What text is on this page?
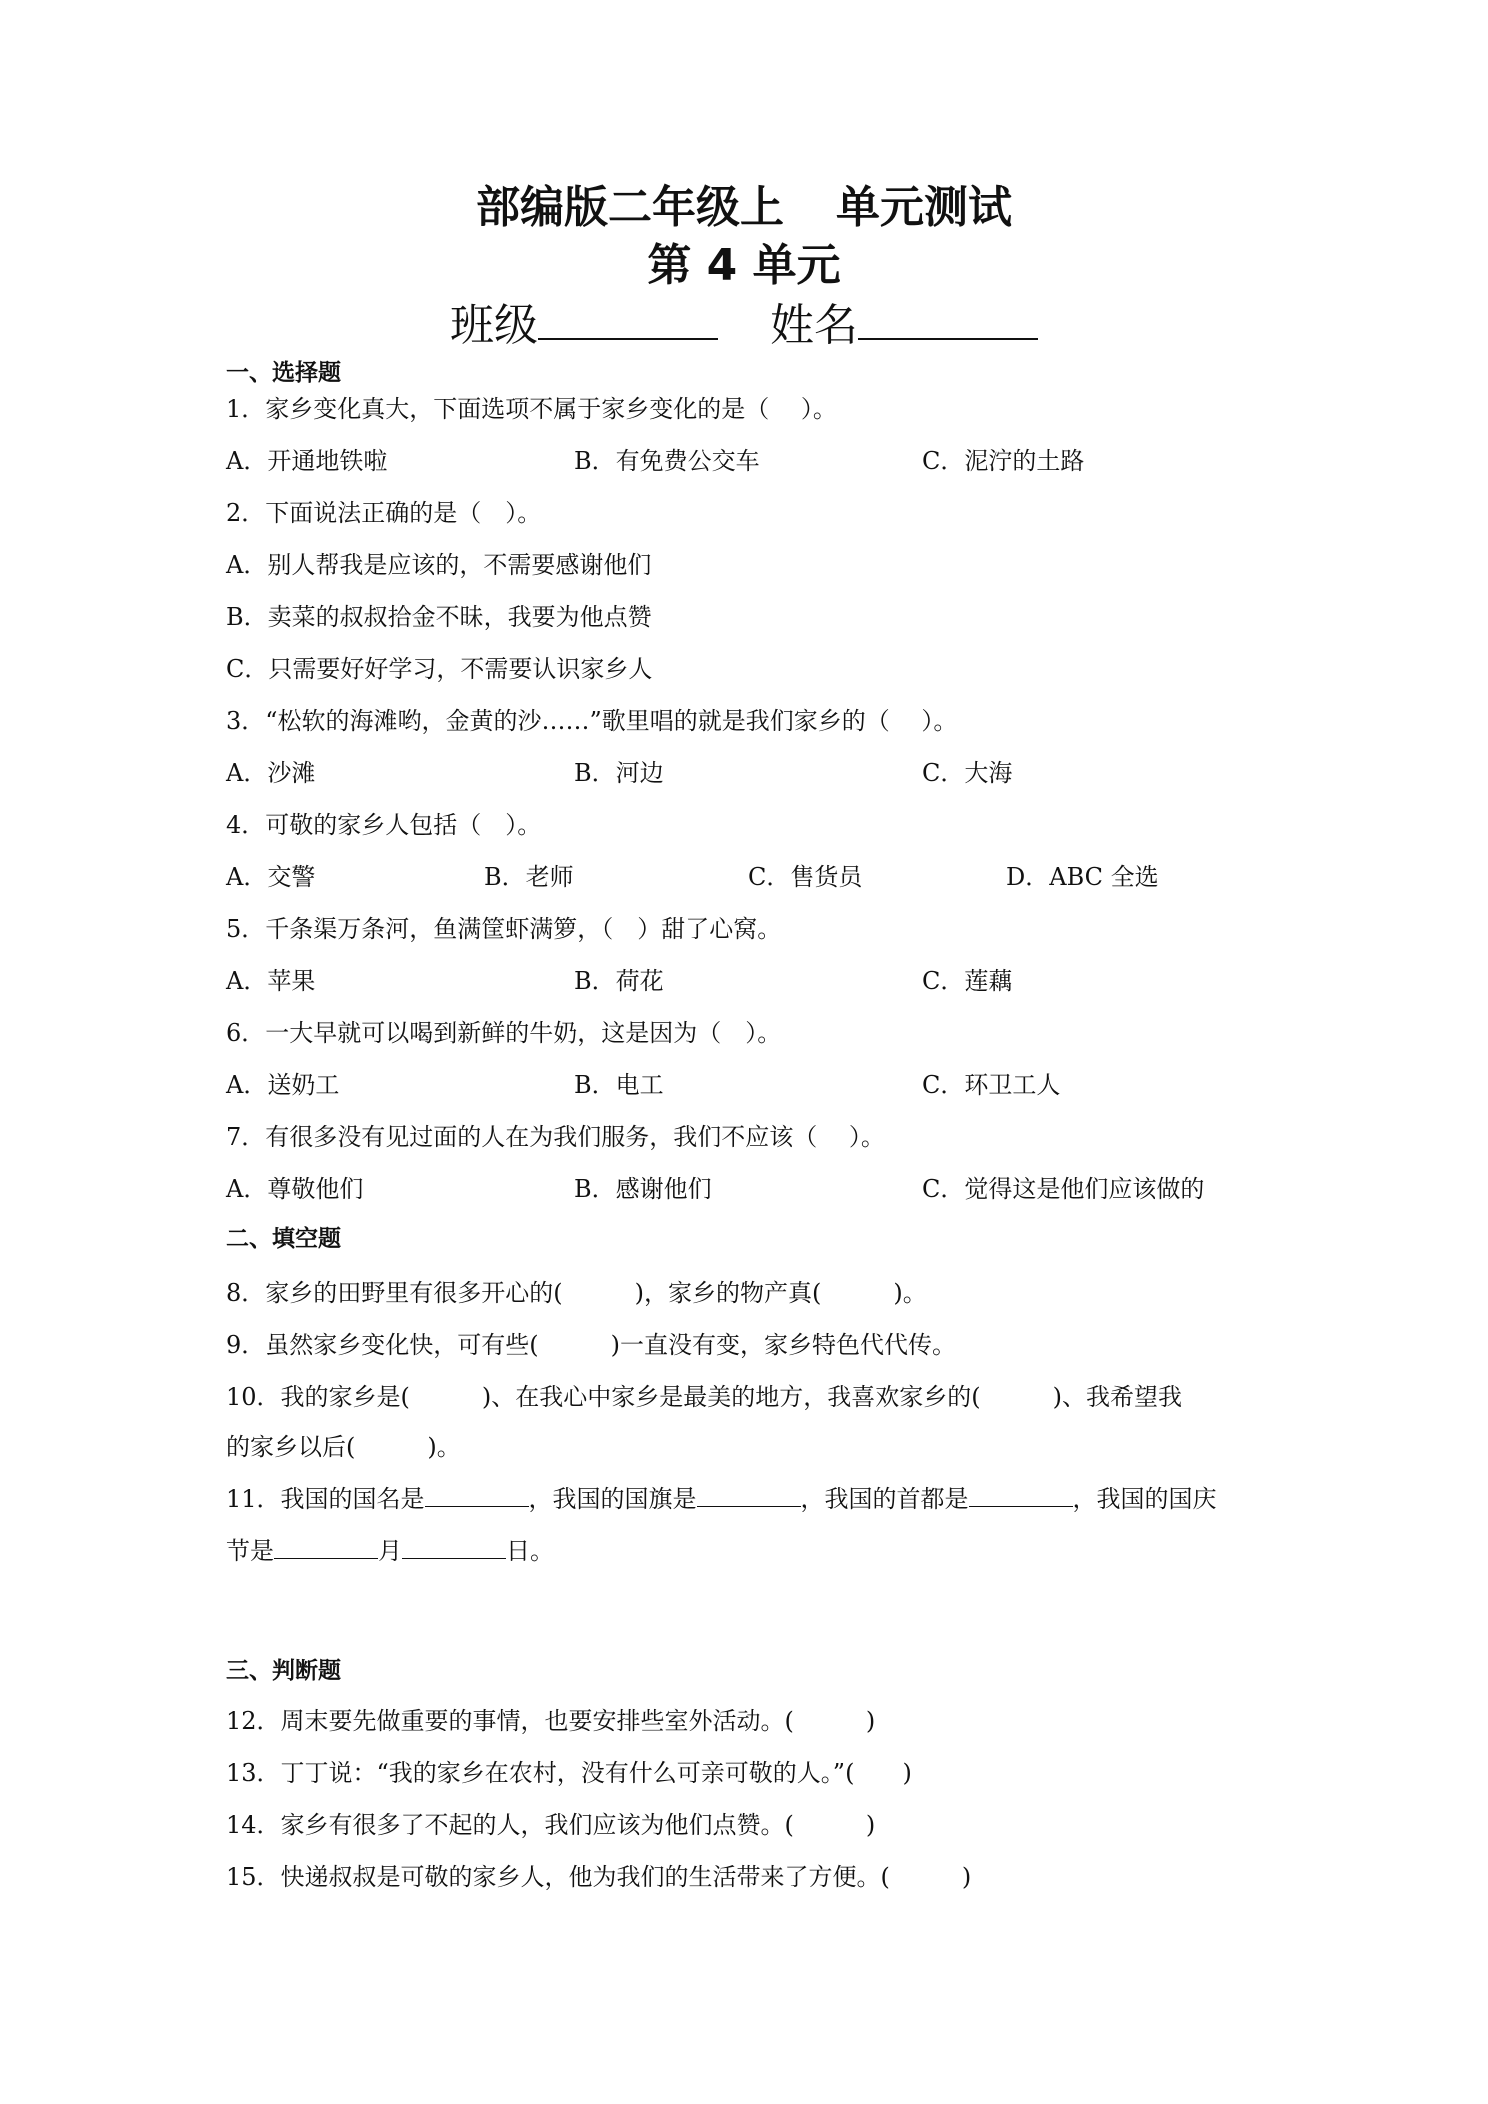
部编版二年级上 单元测试
第 4 单元
班级	姓名
一、选择题
1．家乡变化真大，下面选项不属于家乡变化的是（　 ）。
A．开通地铁啦	B．有免费公交车	C．泥泞的土路
2．下面说法正确的是（　）。
A．别人帮我是应该的，不需要感谢他们
B．卖菜的叔叔拾金不昧，我要为他点赞
C．只需要好好学习，不需要认识家乡人
3．“松软的海滩哟，金黄的沙……”歌里唱的就是我们家乡的（　 ）。
A．沙滩	B．河边	C．大海
4．可敬的家乡人包括（　）。
A．交警	B．老师	C．售货员	D．ABC 全选
5．千条渠万条河，鱼满筐虾满箩，（　）甜了心窝。
A．苹果	B．荷花	C．莲藕
6．一大早就可以喝到新鲜的牛奶，这是因为（　）。
A．送奶工	B．电工	C．环卫工人
7．有很多没有见过面的人在为我们服务，我们不应该（　 ）。
A．尊敬他们	B．感谢他们	C．觉得这是他们应该做的
二、填空题
8．家乡的田野里有很多开心的(　　　)，家乡的物产真(　　　)。
9．虽然家乡变化快，可有些(　　　)一直没有变，家乡特色代代传。
10．我的家乡是(　　　)、在我心中家乡是最美的地方，我喜欢家乡的(　　　)、我希望我
的家乡以后(　　　)。
11．我国的国名是	，我国的国旗是	，我国的首都是	，我国的国庆
节是	月	日。
三、判断题
12．周末要先做重要的事情，也要安排些室外活动。(　　　)
13．丁丁说：“我的家乡在农村，没有什么可亲可敬的人。”(　　)
14．家乡有很多了不起的人，我们应该为他们点赞。(　　　)
15．快递叔叔是可敬的家乡人，他为我们的生活带来了方便。(　　　)
